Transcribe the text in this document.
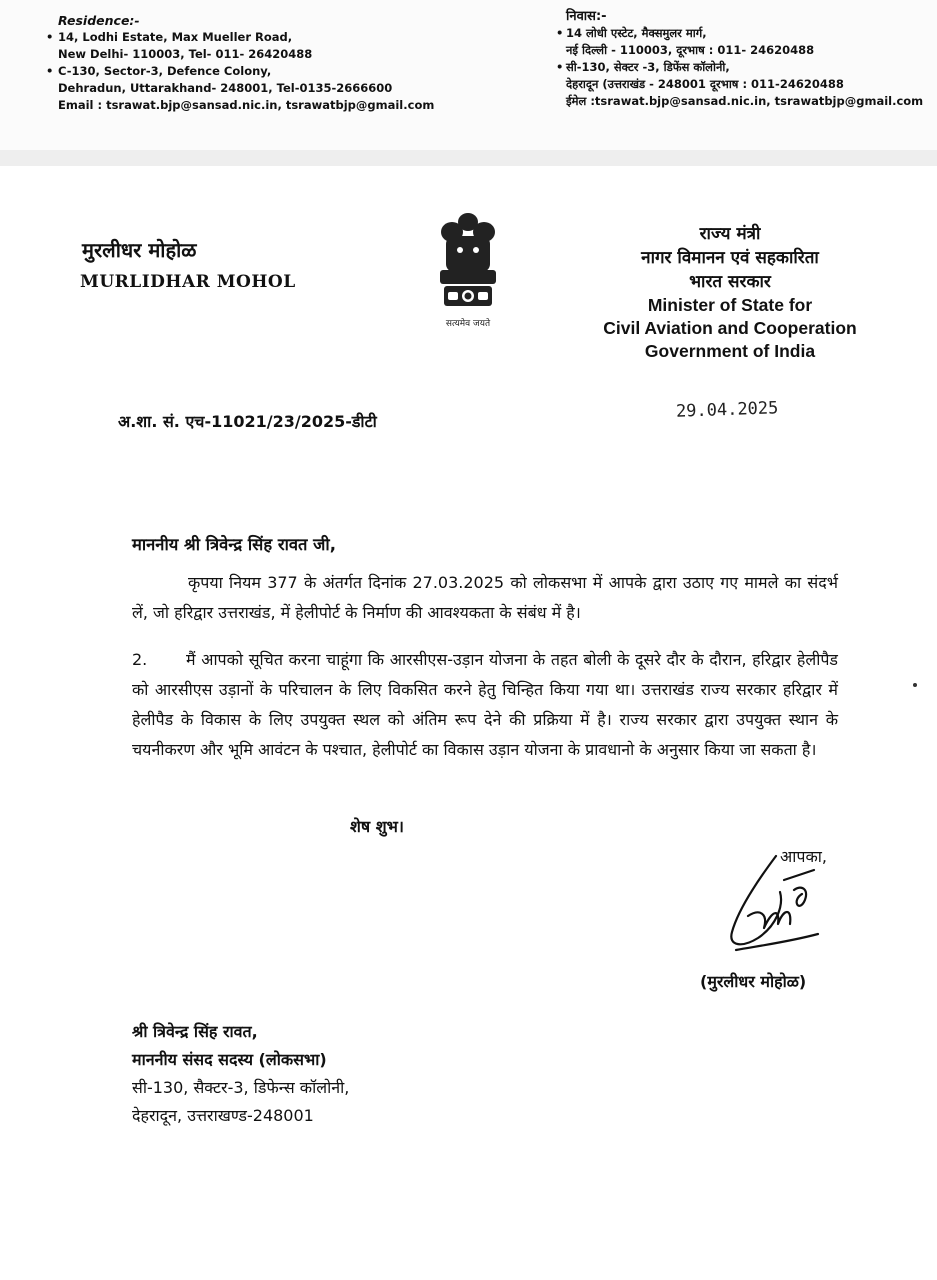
Residence:-
• 14, Lodhi Estate, Max Mueller Road,
New Delhi- 110003, Tel- 011- 26420488
• C-130, Sector-3, Defence Colony,
Dehradun, Uttarakhand- 248001, Tel-0135-2666600
Email : tsrawat.bjp@sansad.nic.in, tsrawatbjp@gmail.com
निवास:-
• 14 लोधी एस्टेट, मैक्समुलर मार्ग,
नई दिल्ली - 110003, दूरभाष : 011- 24620488
• सी-130, सेक्टर -3, डिफेंस कॉलोनी,
देहरादून (उत्तराखंड - 248001 दूरभाष : 011-24620488
ईमेल :tsrawat.bjp@sansad.nic.in, tsrawatbjp@gmail.com
मुरलीधर मोहोळ
MURLIDHAR MOHOL
सत्यमेव जयते
राज्य मंत्री
नागर विमानन एवं सहकारिता
भारत सरकार
Minister of State for
Civil Aviation and Cooperation
Government of India
अ.शा. सं. एच-11021/23/2025-डीटी	29.04.2025
माननीय श्री त्रिवेन्द्र सिंह रावत जी,
कृपया नियम 377 के अंतर्गत दिनांक 27.03.2025 को लोकसभा में आपके द्वारा उठाए गए मामले का संदर्भ लें, जो हरिद्वार उत्तराखंड, में हेलीपोर्ट के निर्माण की आवश्यकता के संबंध में है।
2. मैं आपको सूचित करना चाहूंगा कि आरसीएस-उड़ान योजना के तहत बोली के दूसरे दौर के दौरान, हरिद्वार हेलीपैड को आरसीएस उड़ानों के परिचालन के लिए विकसित करने हेतु चिन्हित किया गया था। उत्तराखंड राज्य सरकार हरिद्वार में हेलीपैड के विकास के लिए उपयुक्त स्थल को अंतिम रूप देने की प्रक्रिया में है। राज्य सरकार द्वारा उपयुक्त स्थान के चयनीकरण और भूमि आवंटन के पश्चात, हेलीपोर्ट का विकास उड़ान योजना के प्रावधानो के अनुसार किया जा सकता है।
शेष शुभ।
आपका,
(मुरलीधर मोहोळ)
श्री त्रिवेन्द्र सिंह रावत,
माननीय संसद सदस्य (लोकसभा)
सी-130, सैक्टर-3, डिफेन्स कॉलोनी,
देहरादून, उत्तराखण्ड-248001
